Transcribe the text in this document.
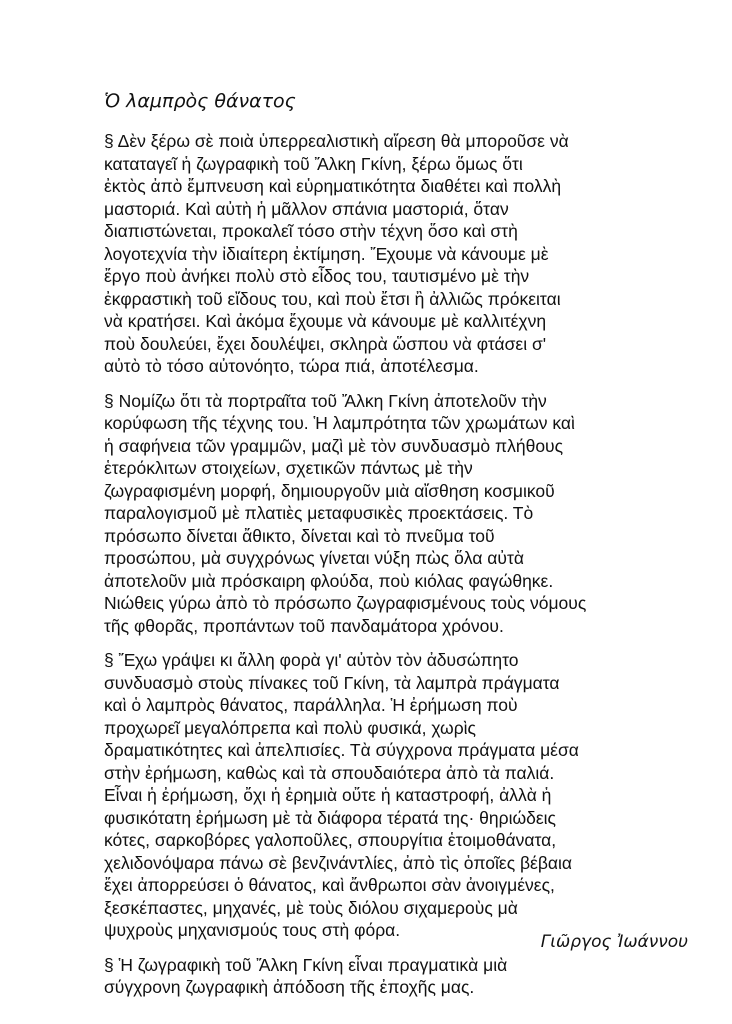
Ὁ λαμπρὸς θάνατος

§ Δὲν ξέρω σὲ ποιὰ ὑπερρεαλιστικὴ αἵρεση θὰ μποροῦσε νὰ
καταταγεῖ ἡ ζωγραφικὴ τοῦ Ἄλκη Γκίνη, ξέρω ὅμως ὅτι
ἐκτὸς ἀπὸ ἔμπνευση καὶ εὑρηματικότητα διαθέτει καὶ πολλὴ
μαστοριά. Καὶ αὐτὴ ἡ μᾶλλον σπάνια μαστοριά, ὅταν
διαπιστώνεται, προκαλεῖ τόσο στὴν τέχνη ὅσο καὶ στὴ
λογοτεχνία τὴν ἰδιαίτερη ἐκτίμηση. Ἔχουμε νὰ κάνουμε μὲ
ἔργο ποὺ ἀνήκει πολὺ στὸ εἶδος του, ταυτισμένο μὲ τὴν
ἐκφραστικὴ τοῦ εἴδους του, καὶ ποὺ ἔτσι ἢ ἀλλιῶς πρόκειται
νὰ κρατήσει. Καὶ ἀκόμα ἔχουμε νὰ κάνουμε μὲ καλλιτέχνη
ποὺ δουλεύει, ἔχει δουλέψει, σκληρὰ ὥσπου νὰ φτάσει σ'
αὐτὸ τὸ τόσο αὐτονόητο, τώρα πιά, ἀποτέλεσμα.

§ Νομίζω ὅτι τὰ πορτραῖτα τοῦ Ἄλκη Γκίνη ἀποτελοῦν τὴν
κορύφωση τῆς τέχνης του. Ἡ λαμπρότητα τῶν χρωμάτων καὶ
ἡ σαφήνεια τῶν γραμμῶν, μαζὶ μὲ τὸν συνδυασμὸ πλήθους
ἑτερόκλιτων στοιχείων, σχετικῶν πάντως μὲ τὴν
ζωγραφισμένη μορφή, δημιουργοῦν μιὰ αἴσθηση κοσμικοῦ
παραλογισμοῦ μὲ πλατιὲς μεταφυσικὲς προεκτάσεις. Τὸ
πρόσωπο δίνεται ἄθικτο, δίνεται καὶ τὸ πνεῦμα τοῦ
προσώπου, μὰ συγχρόνως γίνεται νύξη πὼς ὅλα αὐτὰ
ἀποτελοῦν μιὰ πρόσκαιρη φλούδα, ποὺ κιόλας φαγώθηκε.
Νιώθεις γύρω ἀπὸ τὸ πρόσωπο ζωγραφισμένους τοὺς νόμους
τῆς φθορᾶς, προπάντων τοῦ πανδαμάτορα χρόνου.

§ Ἔχω γράψει κι ἄλλη φορὰ γι' αὐτὸν τὸν ἀδυσώπητο
συνδυασμὸ στοὺς πίνακες τοῦ Γκίνη, τὰ λαμπρὰ πράγματα
καὶ ὁ λαμπρὸς θάνατος, παράλληλα. Ἡ ἐρήμωση ποὺ
προχωρεῖ μεγαλόπρεπα καὶ πολὺ φυσικά, χωρὶς
δραματικότητες καὶ ἀπελπισίες. Τὰ σύγχρονα πράγματα μέσα
στὴν ἐρήμωση, καθὼς καὶ τὰ σπουδαιότερα ἀπὸ τὰ παλιά.
Εἶναι ἡ ἐρήμωση, ὄχι ἡ ἐρημιὰ οὔτε ἡ καταστροφή, ἀλλὰ ἡ
φυσικότατη ἐρήμωση μὲ τὰ διάφορα τέρατά της· θηριώδεις
κότες, σαρκοβόρες γαλοποῦλες, σπουργίτια ἑτοιμοθάνατα,
χελιδονόψαρα πάνω σὲ βενζινάντλίες, ἀπὸ τὶς ὁποῖες βέβαια
ἔχει ἀπορρεύσει ὁ θάνατος, καὶ ἄνθρωποι σὰν ἀνοιγμένες,
ξεσκέπαστες, μηχανές, μὲ τοὺς διόλου σιχαμεροὺς μὰ
ψυχροὺς μηχανισμούς τους στὴ φόρα.

§ Ἡ ζωγραφικὴ τοῦ Ἄλκη Γκίνη εἶναι πραγματικὰ μιὰ
σύγχρονη ζωγραφικὴ ἀπόδοση τῆς ἐποχῆς μας.

Γιῶργος Ἰωάννου
